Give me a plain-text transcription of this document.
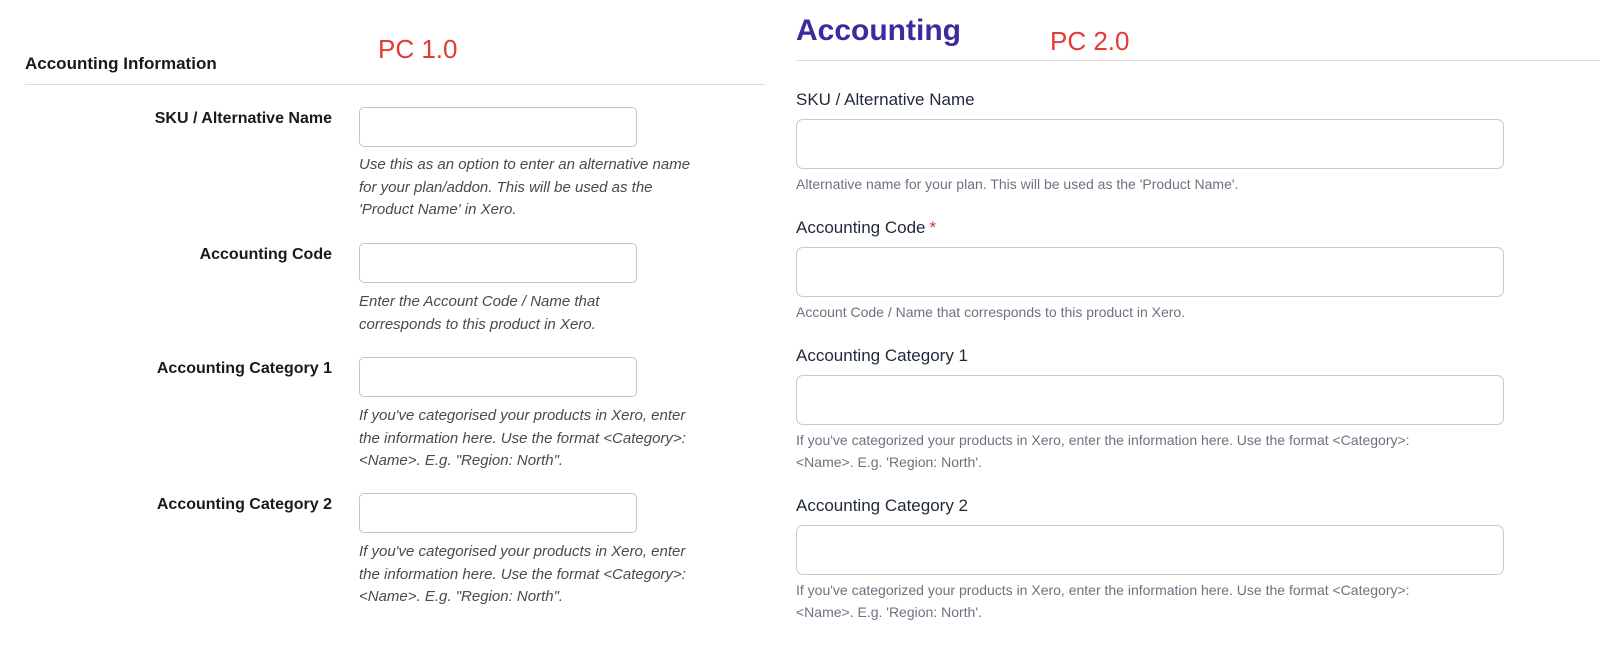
Accounting Information	PC 1.0
SKU / Alternative Name

Use this as an option to enter an alternative name for your plan/addon. This will be used as the 'Product Name' in Xero.

Accounting Code

Enter the Account Code / Name that corresponds to this product in Xero.

Accounting Category 1

If you've categorised your products in Xero, enter the information here. Use the format <Category>:<Name>. E.g. "Region: North".

Accounting Category 2

If you've categorised your products in Xero, enter the information here. Use the format <Category>:<Name>. E.g. "Region: North".

Accounting	PC 2.0
SKU / Alternative Name

Alternative name for your plan. This will be used as the 'Product Name'.

Accounting Code *

Account Code / Name that corresponds to this product in Xero.

Accounting Category 1

If you've categorized your products in Xero, enter the information here. Use the format <Category>:<Name>. E.g. 'Region: North'.

Accounting Category 2

If you've categorized your products in Xero, enter the information here. Use the format <Category>:<Name>. E.g. 'Region: North'.
